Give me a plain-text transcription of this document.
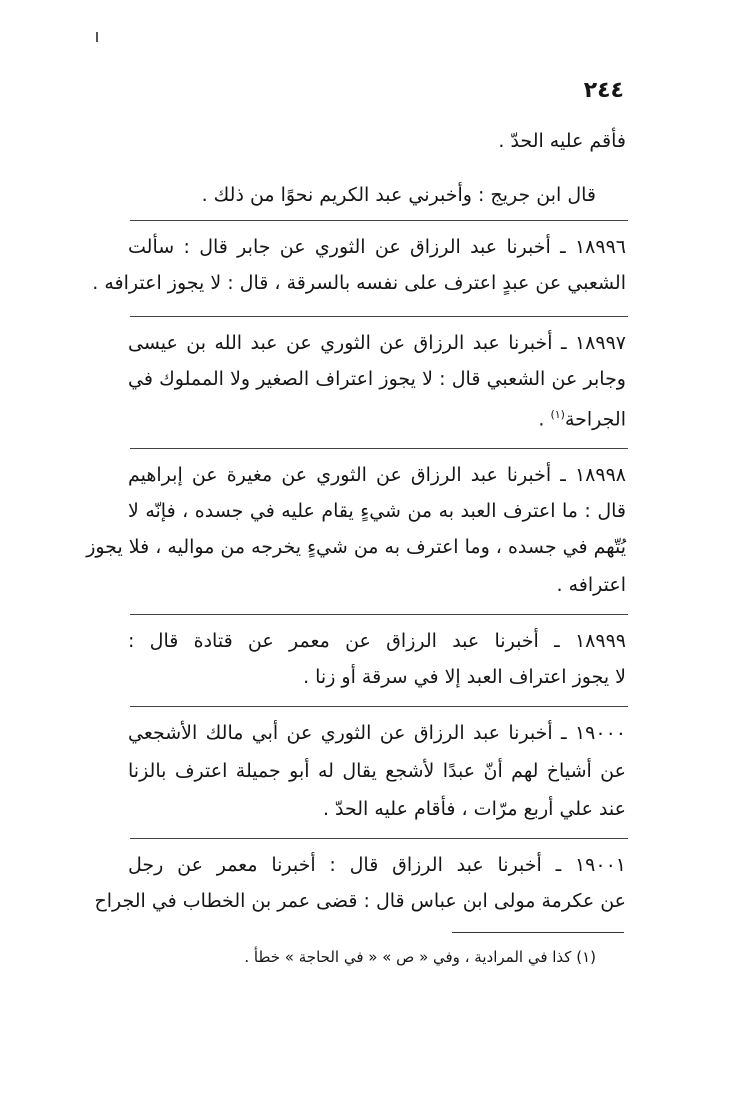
٢٤٤
فأقم عليه الحدّ .
قال ابن جريج : وأخبرني عبد الكريم نحوًا من ذلك .
١٨٩٩٦ ـ أخبرنا عبد الرزاق عن الثوري عن جابر قال : سألت
الشعبي عن عبدٍ اعترف على نفسه بالسرقة ، قال : لا يجوز اعترافه .
١٨٩٩٧ ـ أخبرنا عبد الرزاق عن الثوري عن عبد الله بن عيسى
وجابر عن الشعبي قال : لا يجوز اعتراف الصغير ولا المملوك في
الجراحة$^{(١)}$ .
١٨٩٩٨ ـ أخبرنا عبد الرزاق عن الثوري عن مغيرة عن إبراهيم
قال : ما اعترف العبد به من شيءٍ يقام عليه في جسده ، فإنّه لا
يُتّهم في جسده ، وما اعترف به من شيءٍ يخرجه من مواليه ، فلا يجوز
اعترافه .
١٨٩٩٩ ـ أخبرنا عبد الرزاق عن معمر عن قتادة قال :
لا يجوز اعتراف العبد إلا في سرقة أو زنا .
١٩٠٠٠ ـ أخبرنا عبد الرزاق عن الثوري عن أبي مالك الأشجعي
عن أشياخ لهم أنّ عبدًا لأشجع يقال له أبو جميلة اعترف بالزنا
عند علي أربع مرّات ، فأقام عليه الحدّ .
١٩٠٠١ ـ أخبرنا عبد الرزاق قال : أخبرنا معمر عن رجل
عن عكرمة مولى ابن عباس قال : قضى عمر بن الخطاب في الجراح
(١) كذا في المرادية ، وفي « ص » « في الحاجة » خطأ .
